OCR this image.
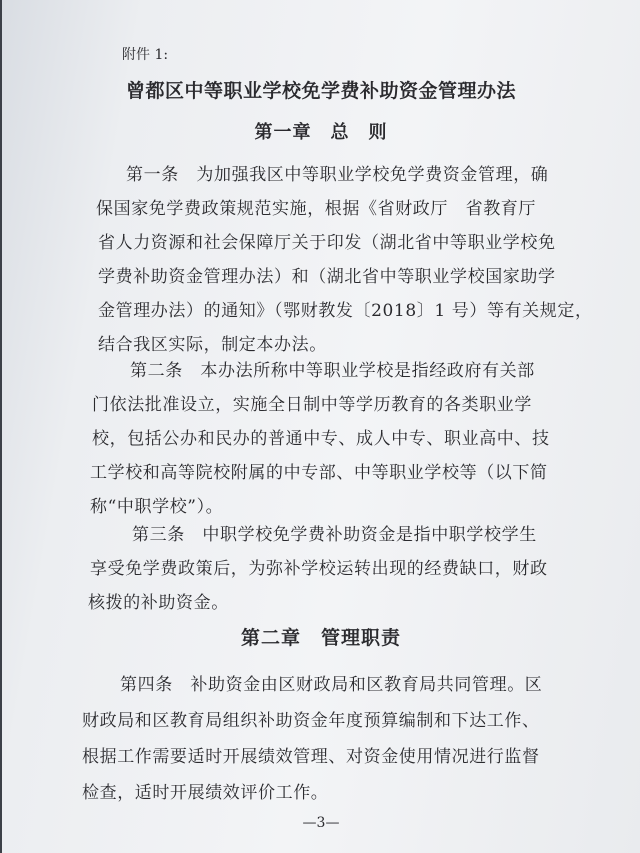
附件 1:
曾都区中等职业学校免学费补助资金管理办法
第一章　总　则
第一条　为加强我区中等职业学校免学费资金管理，确
保国家免学费政策规范实施，根据《省财政厅　省教育厅
省人力资源和社会保障厅关于印发（湖北省中等职业学校免
学费补助资金管理办法）和（湖北省中等职业学校国家助学
金管理办法）的通知》（鄂财教发〔2018〕1 号）等有关规定，
结合我区实际，制定本办法。
第二条　本办法所称中等职业学校是指经政府有关部
门依法批准设立，实施全日制中等学历教育的各类职业学
校，包括公办和民办的普通中专、成人中专、职业高中、技
工学校和高等院校附属的中专部、中等职业学校等（以下简
称“中职学校”）。
第三条　中职学校免学费补助资金是指中职学校学生
享受免学费政策后，为弥补学校运转出现的经费缺口，财政
核拨的补助资金。
第二章　管理职责
第四条　补助资金由区财政局和区教育局共同管理。区
财政局和区教育局组织补助资金年度预算编制和下达工作、
根据工作需要适时开展绩效管理、对资金使用情况进行监督
检查，适时开展绩效评价工作。
—3—
